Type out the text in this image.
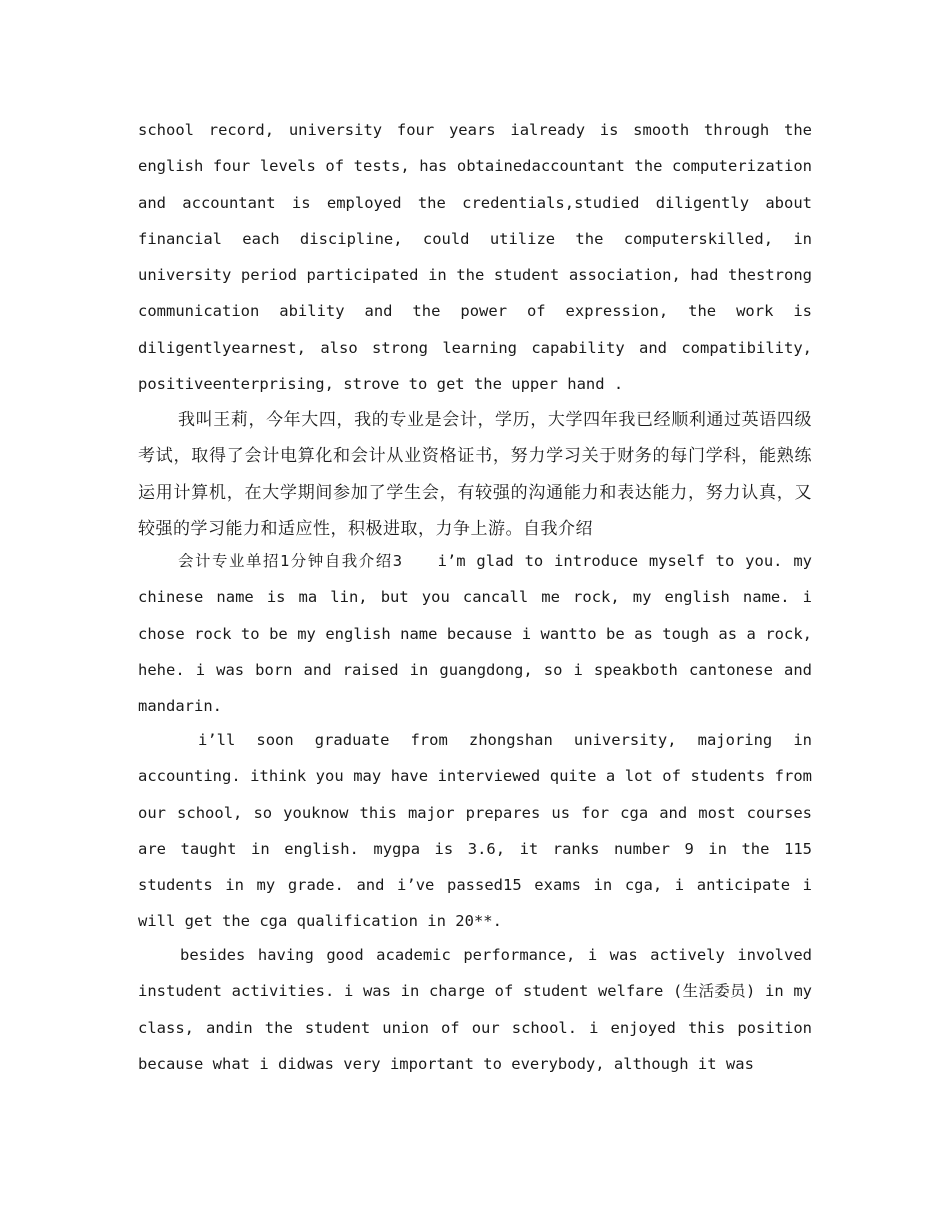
school record, university four years ialready is smooth through the english four levels of tests, has obtainedaccountant the computerization and accountant is employed the credentials,studied diligently about financial each discipline, could utilize the computerskilled, in university period participated in the student association, had thestrong communication ability and the power of expression, the work is diligentlyearnest, also strong learning capability and compatibility, positiveenterprising, strove to get the upper hand .

我叫王莉，今年大四，我的专业是会计，学历，大学四年我已经顺利通过英语四级考试，取得了会计电算化和会计从业资格证书，努力学习关于财务的每门学科，能熟练运用计算机，在大学期间参加了学生会，有较强的沟通能力和表达能力，努力认真，又较强的学习能力和适应性，积极进取，力争上游。自我介绍

会计专业单招1分钟自我介绍3　　i’m glad to introduce myself to you. my chinese name is ma lin, but you cancall me rock, my english name. i chose rock to be my english name because i wantto be as tough as a rock, hehe. i was born and raised in guangdong, so i speakboth cantonese and mandarin.

i’ll soon graduate from zhongshan university, majoring in accounting. ithink you may have interviewed quite a lot of students from our school, so youknow this major prepares us for cga and most courses are taught in english. mygpa is 3.6, it ranks number 9 in the 115 students in my grade. and i’ve passed15 exams in cga, i anticipate i will get the cga qualification in 20**.

besides having good academic performance, i was actively involved instudent activities. i was in charge of student welfare (生活委员) in my class, andin the student union of our school. i enjoyed this position because what i didwas very important to everybody, although it was
